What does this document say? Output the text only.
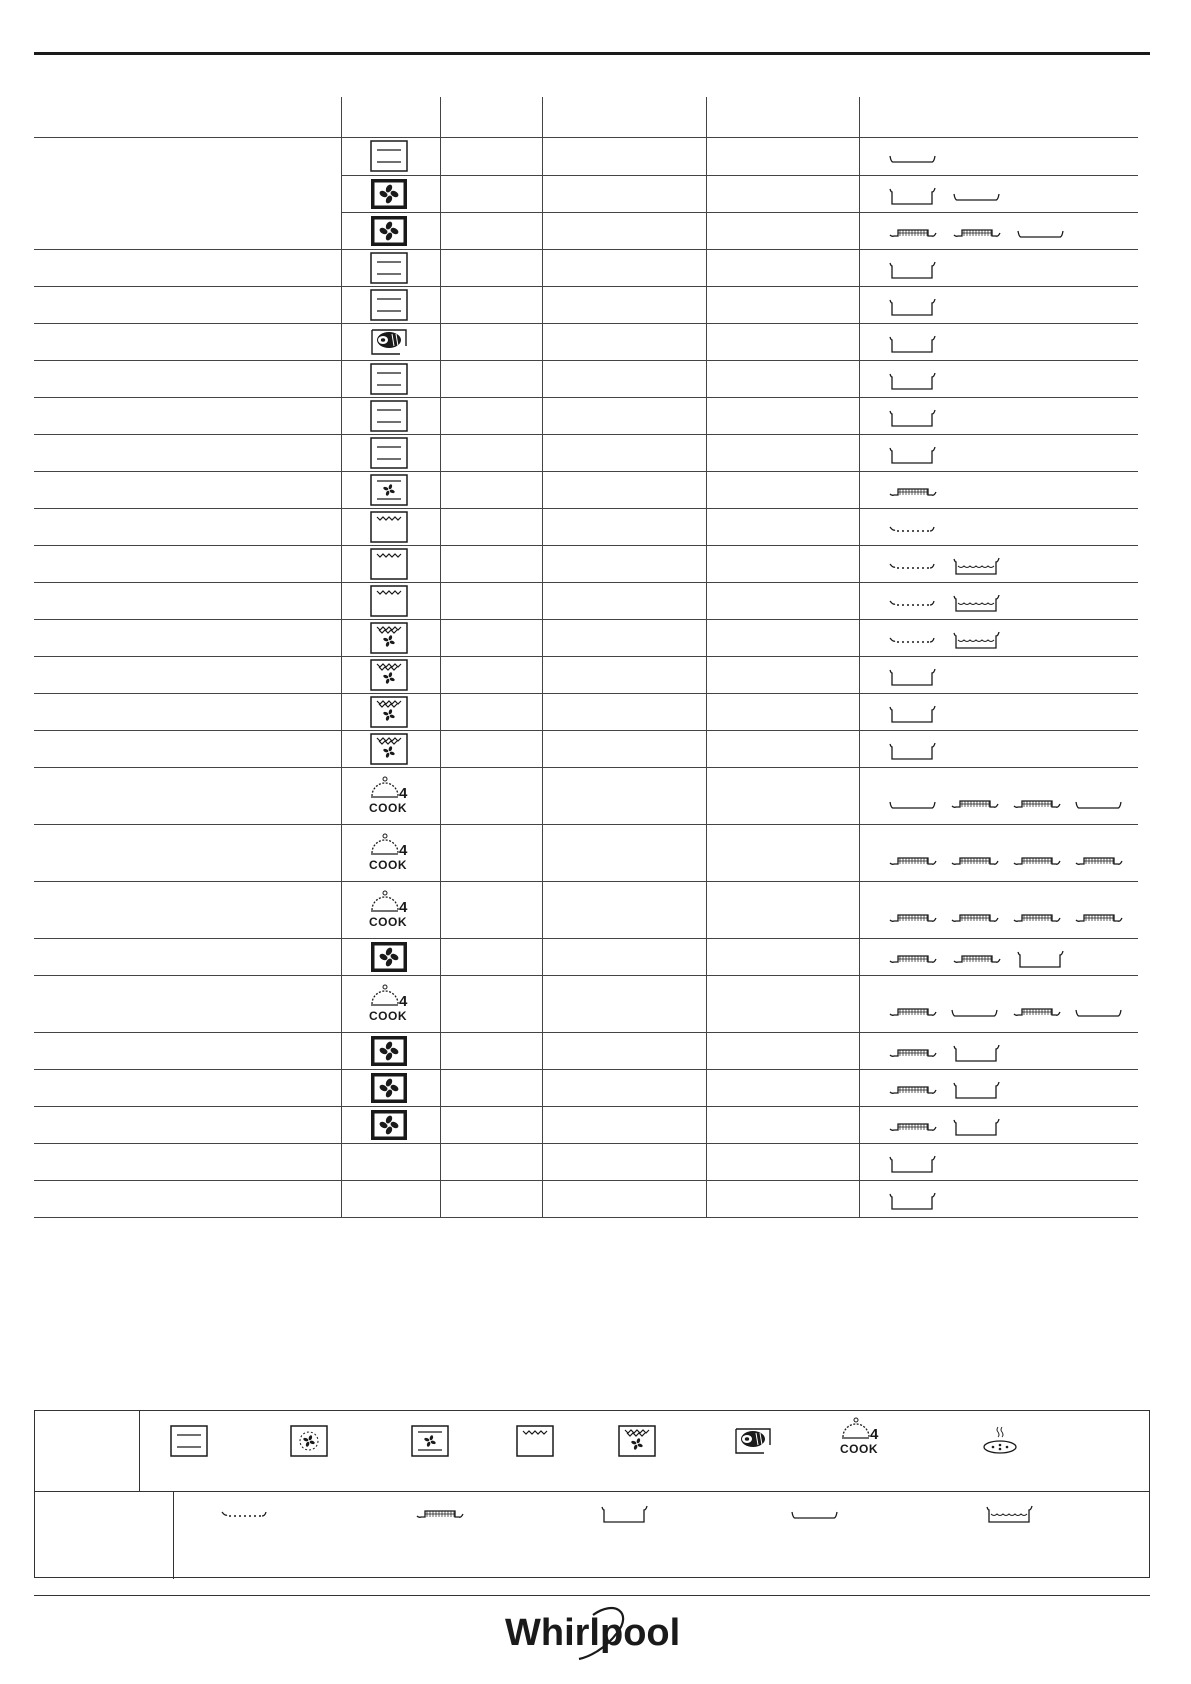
4
COOK
4
COOK
4
COOK
4
COOK
4
COOK
Whirlpool
